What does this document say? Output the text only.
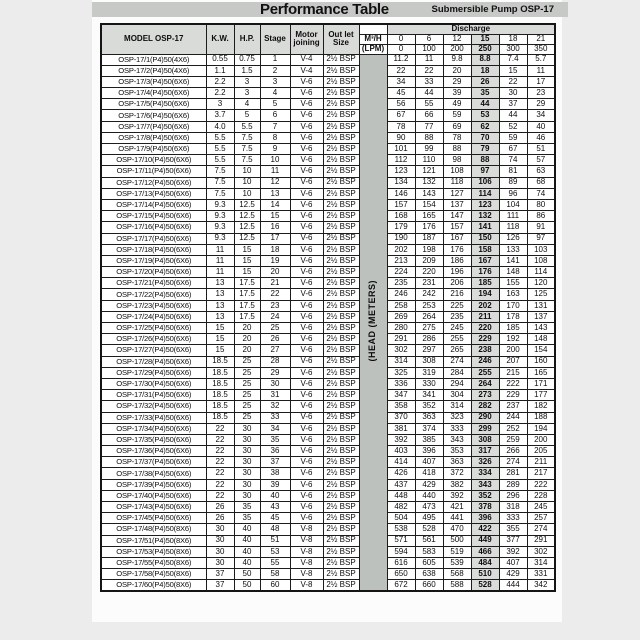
Performance Table	Submersible Pump OSP-17
MODEL OSP-17	K.W.	H.P.	Stage	Motor joining	Out let Size		Discharge					
						M³/H	0	6	12	15	18	21
						(LPM)	0	100	200	250	300	350
OSP-17/1(P4)50(4X6)	0.55	0.75	1	V-4	2½ BSP	(HEAD (METERS)	11.2	11	9.8	8.8	7.4	5.7
OSP-17/2(P4)50(4X6)	1.1	1.5	2	V-4	2½ BSP		22	22	20	18	15	11
OSP-17/3(P4)50(6X6)	2.2	3	3	V-6	2½ BSP		34	33	29	26	22	17
OSP-17/4(P4)50(6X6)	2.2	3	4	V-6	2½ BSP		45	44	39	35	30	23
OSP-17/5(P4)50(6X6)	3	4	5	V-6	2½ BSP		56	55	49	44	37	29
OSP-17/6(P4)50(6X6)	3.7	5	6	V-6	2½ BSP		67	66	59	53	44	34
OSP-17/7(P4)50(6X6)	4.0	5.5	7	V-6	2½ BSP		78	77	69	62	52	40
OSP-17/8(P4)50(6X6)	5.5	7.5	8	V-6	2½ BSP		90	88	78	70	59	46
OSP-17/9(P4)50(6X6)	5.5	7.5	9	V-6	2½ BSP		101	99	88	79	67	51
OSP-17/10(P4)50(6X6)	5.5	7.5	10	V-6	2½ BSP		112	110	98	88	74	57
OSP-17/11(P4)50(6X6)	7.5	10	11	V-6	2½ BSP		123	121	108	97	81	63
OSP-17/12(P4)50(6X6)	7.5	10	12	V-6	2½ BSP		134	132	118	106	89	68
OSP-17/13(P4)50(6X6)	7.5	10	13	V-6	2½ BSP		146	143	127	114	96	74
OSP-17/14(P4)50(6X6)	9.3	12.5	14	V-6	2½ BSP		157	154	137	123	104	80
OSP-17/15(P4)50(6X6)	9.3	12.5	15	V-6	2½ BSP		168	165	147	132	111	86
OSP-17/16(P4)50(6X6)	9.3	12.5	16	V-6	2½ BSP		179	176	157	141	118	91
OSP-17/17(P4)50(6X6)	9.3	12.5	17	V-6	2½ BSP		190	187	167	150	126	97
OSP-17/18(P4)50(6X6)	11	15	18	V-6	2½ BSP		202	198	176	158	133	103
OSP-17/19(P4)50(6X6)	11	15	19	V-6	2½ BSP		213	209	186	167	141	108
OSP-17/20(P4)50(6X6)	11	15	20	V-6	2½ BSP		224	220	196	176	148	114
OSP-17/21(P4)50(6X6)	13	17.5	21	V-6	2½ BSP		235	231	206	185	155	120
OSP-17/22(P4)50(6X6)	13	17.5	22	V-6	2½ BSP		246	242	216	194	163	125
OSP-17/23(P4)50(6X6)	13	17.5	23	V-6	2½ BSP		258	253	225	202	170	131
OSP-17/24(P4)50(6X6)	13	17.5	24	V-6	2½ BSP		269	264	235	211	178	137
OSP-17/25(P4)50(6X6)	15	20	25	V-6	2½ BSP		280	275	245	220	185	143
OSP-17/26(P4)50(6X6)	15	20	26	V-6	2½ BSP		291	286	255	229	192	148
OSP-17/27(P4)50(6X6)	15	20	27	V-6	2½ BSP		302	297	265	238	200	154
OSP-17/28(P4)50(6X6)	18.5	25	28	V-6	2½ BSP		314	308	274	246	207	160
OSP-17/29(P4)50(6X6)	18.5	25	29	V-6	2½ BSP		325	319	284	255	215	165
OSP-17/30(P4)50(6X6)	18.5	25	30	V-6	2½ BSP		336	330	294	264	222	171
OSP-17/31(P4)50(6X6)	18.5	25	31	V-6	2½ BSP		347	341	304	273	229	177
OSP-17/32(P4)50(6X6)	18.5	25	32	V-6	2½ BSP		358	352	314	282	237	182
OSP-17/33(P4)50(6X6)	18.5	25	33	V-6	2½ BSP		370	363	323	290	244	188
OSP-17/34(P4)50(6X6)	22	30	34	V-6	2½ BSP		381	374	333	299	252	194
OSP-17/35(P4)50(6X6)	22	30	35	V-6	2½ BSP		392	385	343	308	259	200
OSP-17/36(P4)50(6X6)	22	30	36	V-6	2½ BSP		403	396	353	317	266	205
OSP-17/37(P4)50(6X6)	22	30	37	V-6	2½ BSP		414	407	363	326	274	211
OSP-17/38(P4)50(6X6)	22	30	38	V-6	2½ BSP		426	418	372	334	281	217
OSP-17/39(P4)50(6X6)	22	30	39	V-6	2½ BSP		437	429	382	343	289	222
OSP-17/40(P4)50(6X6)	22	30	40	V-6	2½ BSP		448	440	392	352	296	228
OSP-17/43(P4)50(6X6)	26	35	43	V-6	2½ BSP		482	473	421	378	318	245
OSP-17/45(P4)50(6X6)	26	35	45	V-6	2½ BSP		504	495	441	396	333	257
OSP-17/48(P4)50(8X6)	30	40	48	V-8	2½ BSP		538	528	470	422	355	274
OSP-17/51(P4)50(8X6)	30	40	51	V-8	2½ BSP		571	561	500	449	377	291
OSP-17/53(P4)50(8X6)	30	40	53	V-8	2½ BSP		594	583	519	466	392	302
OSP-17/55(P4)50(8X6)	30	40	55	V-8	2½ BSP		616	605	539	484	407	314
OSP-17/58(P4)50(8X6)	37	50	58	V-8	2½ BSP		650	638	568	510	429	331
OSP-17/60(P4)50(8X6)	37	50	60	V-8	2½ BSP		672	660	588	528	444	342
